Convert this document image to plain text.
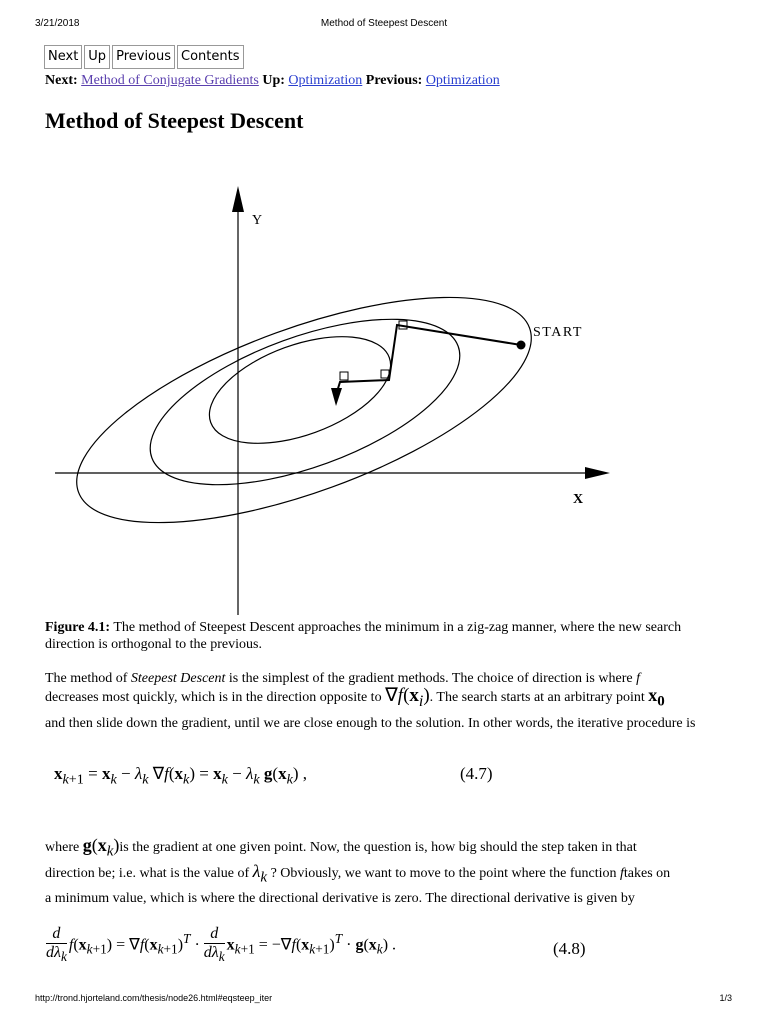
3/21/2018	Method of Steepest Descent
Next Up Previous Contents
Next: Method of Conjugate Gradients Up: Optimization Previous: Optimization
Method of Steepest Descent
Y
X
START
Figure 4.1: The method of Steepest Descent approaches the minimum in a zig-zag manner, where the new search direction is orthogonal to the previous.
The method of Steepest Descent is the simplest of the gradient methods. The choice of direction is where f
decreases most quickly, which is in the direction opposite to $\nabla f(x_i)$. The search starts at an arbitrary point $x_0$
and then slide down the gradient, until we are close enough to the solution. In other words, the iterative procedure is
$x_{k+1} = x_k - \lambda_k$ $\nabla f(x_k) = x_k - \lambda_k$ $g(x_k)$ ,	(4.7)
where $g(x_k)is$ the gradient at one given point. Now, the question is, how big should the step taken in that
direction be; i.e. what is the value of $\lambda_k$ ? Obviously, we want to move to the point where the function ftakes on
a minimum value, which is where the directional derivative is zero. The directional derivative is given by
$\frac{d}{d\lambda_k} f(x_{k+1}) = \nabla f(x_{k+1})^T \cdot \frac{d}{d\lambda_k} x_{k+1} = -\nabla f(x_{k+1})^T \cdot g(x_k)$ .	(4.8)
http://trond.hjorteland.com/thesis/node26.html#eqsteep_iter	1/3
